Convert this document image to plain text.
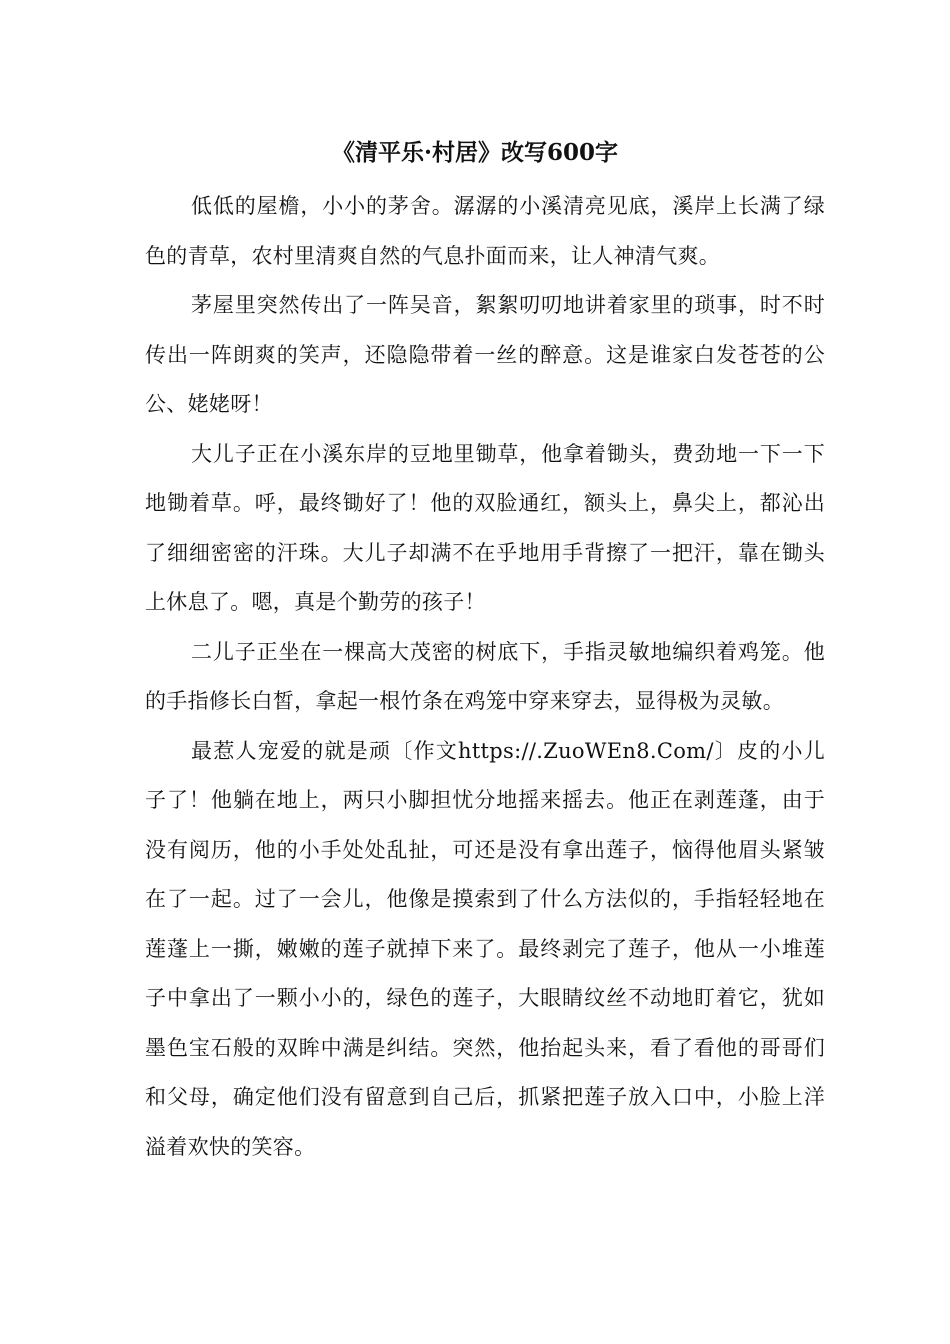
《清平乐·村居》改写600字

低低的屋檐，小小的茅舍。潺潺的小溪清亮见底，溪岸上长满了绿色的青草，农村里清爽自然的气息扑面而来，让人神清气爽。

茅屋里突然传出了一阵吴音，絮絮叨叨地讲着家里的琐事，时不时传出一阵朗爽的笑声，还隐隐带着一丝的醉意。这是谁家白发苍苍的公公、姥姥呀！

大儿子正在小溪东岸的豆地里锄草，他拿着锄头，费劲地一下一下地锄着草。呼，最终锄好了！他的双脸通红，额头上，鼻尖上，都沁出了细细密密的汗珠。大儿子却满不在乎地用手背擦了一把汗，靠在锄头上休息了。嗯，真是个勤劳的孩子！

二儿子正坐在一棵高大茂密的树底下，手指灵敏地编织着鸡笼。他的手指修长白皙，拿起一根竹条在鸡笼中穿来穿去，显得极为灵敏。

最惹人宠爱的就是顽〔作文https://.ZuoWEn8.Com/〕皮的小儿子了！他躺在地上，两只小脚担忧分地摇来摇去。他正在剥莲蓬，由于没有阅历，他的小手处处乱扯，可还是没有拿出莲子，恼得他眉头紧皱在了一起。过了一会儿，他像是摸索到了什么方法似的，手指轻轻地在莲蓬上一撕，嫩嫩的莲子就掉下来了。最终剥完了莲子，他从一小堆莲子中拿出了一颗小小的，绿色的莲子，大眼睛纹丝不动地盯着它，犹如墨色宝石般的双眸中满是纠结。突然，他抬起头来，看了看他的哥哥们和父母，确定他们没有留意到自己后，抓紧把莲子放入口中，小脸上洋溢着欢快的笑容。
